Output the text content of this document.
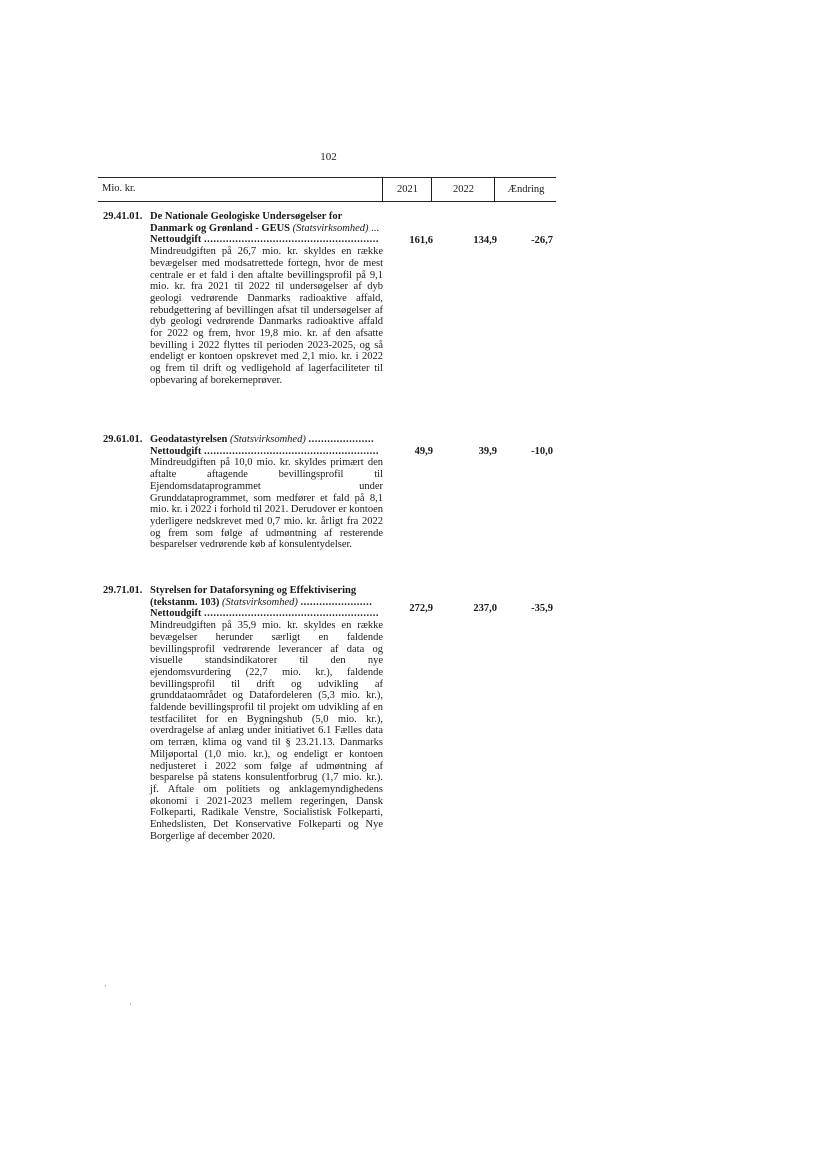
102
Mio. kr.	2021	2022	Ændring
29.41.01. De Nationale Geologiske Undersøgelser for Danmark og Grønland - GEUS (Statsvirksomhed) ...
Nettoudgift ........................................................
Mindreudgiften på 26,7 mio. kr. skyldes en række bevægelser med modsatrettede fortegn, hvor de mest centrale er et fald i den aftalte bevillingsprofil på 9,1 mio. kr. fra 2021 til 2022 til undersøgelser af dyb geologi vedrørende Danmarks radioaktive affald, rebudgettering af bevillingen afsat til undersøgelser af dyb geologi vedrørende Danmarks radioaktive affald for 2022 og frem, hvor 19,8 mio. kr. af den afsatte bevilling i 2022 flyttes til perioden 2023-2025, og så endeligt er kontoen opskrevet med 2,1 mio. kr. i 2022 og frem til drift og vedligehold af lagerfaciliteter til opbevaring af borekerneprøver.
161,6	134,9	-26,7
29.61.01. Geodatastyrelsen (Statsvirksomhed) .....................
Nettoudgift ........................................................
Mindreudgiften på 10,0 mio. kr. skyldes primært den aftalte aftagende bevillingsprofil til Ejendomsdataprogrammet under Grunddataprogrammet, som medfører et fald på 8,1 mio. kr. i 2022 i forhold til 2021. Derudover er kontoen yderligere nedskrevet med 0,7 mio. kr. årligt fra 2022 og frem som følge af udmøntning af resterende besparelser vedrørende køb af konsulentydelser.
49,9	39,9	-10,0
29.71.01. Styrelsen for Dataforsyning og Effektivisering (tekstanm. 103) (Statsvirksomhed) .......................
Nettoudgift ........................................................
Mindreudgiften på 35,9 mio. kr. skyldes en række bevægelser herunder særligt en faldende bevillingsprofil vedrørende leverancer af data og visuelle standsindikatorer til den nye ejendomsvurdering (22,7 mio. kr.), faldende bevillingsprofil til drift og udvikling af grunddataområdet og Datafordeleren (5,3 mio. kr.), faldende bevillingsprofil til projekt om udvikling af en testfacilitet for en Bygningshub (5,0 mio. kr.), overdragelse af anlæg under initiativet 6.1 Fælles data om terræn, klima og vand til § 23.21.13. Danmarks Miljøportal (1,0 mio. kr.), og endeligt er kontoen nedjusteret i 2022 som følge af udmøntning af besparelse på statens konsulentforbrug (1,7 mio. kr.). jf. Aftale om politiets og anklagemyndighedens økonomi i 2021-2023 mellem regeringen, Dansk Folkeparti, Radikale Venstre, Socialistisk Folkeparti, Enhedslisten, Det Konservative Folkeparti og Nye Borgerlige af december 2020.
272,9	237,0	-35,9
